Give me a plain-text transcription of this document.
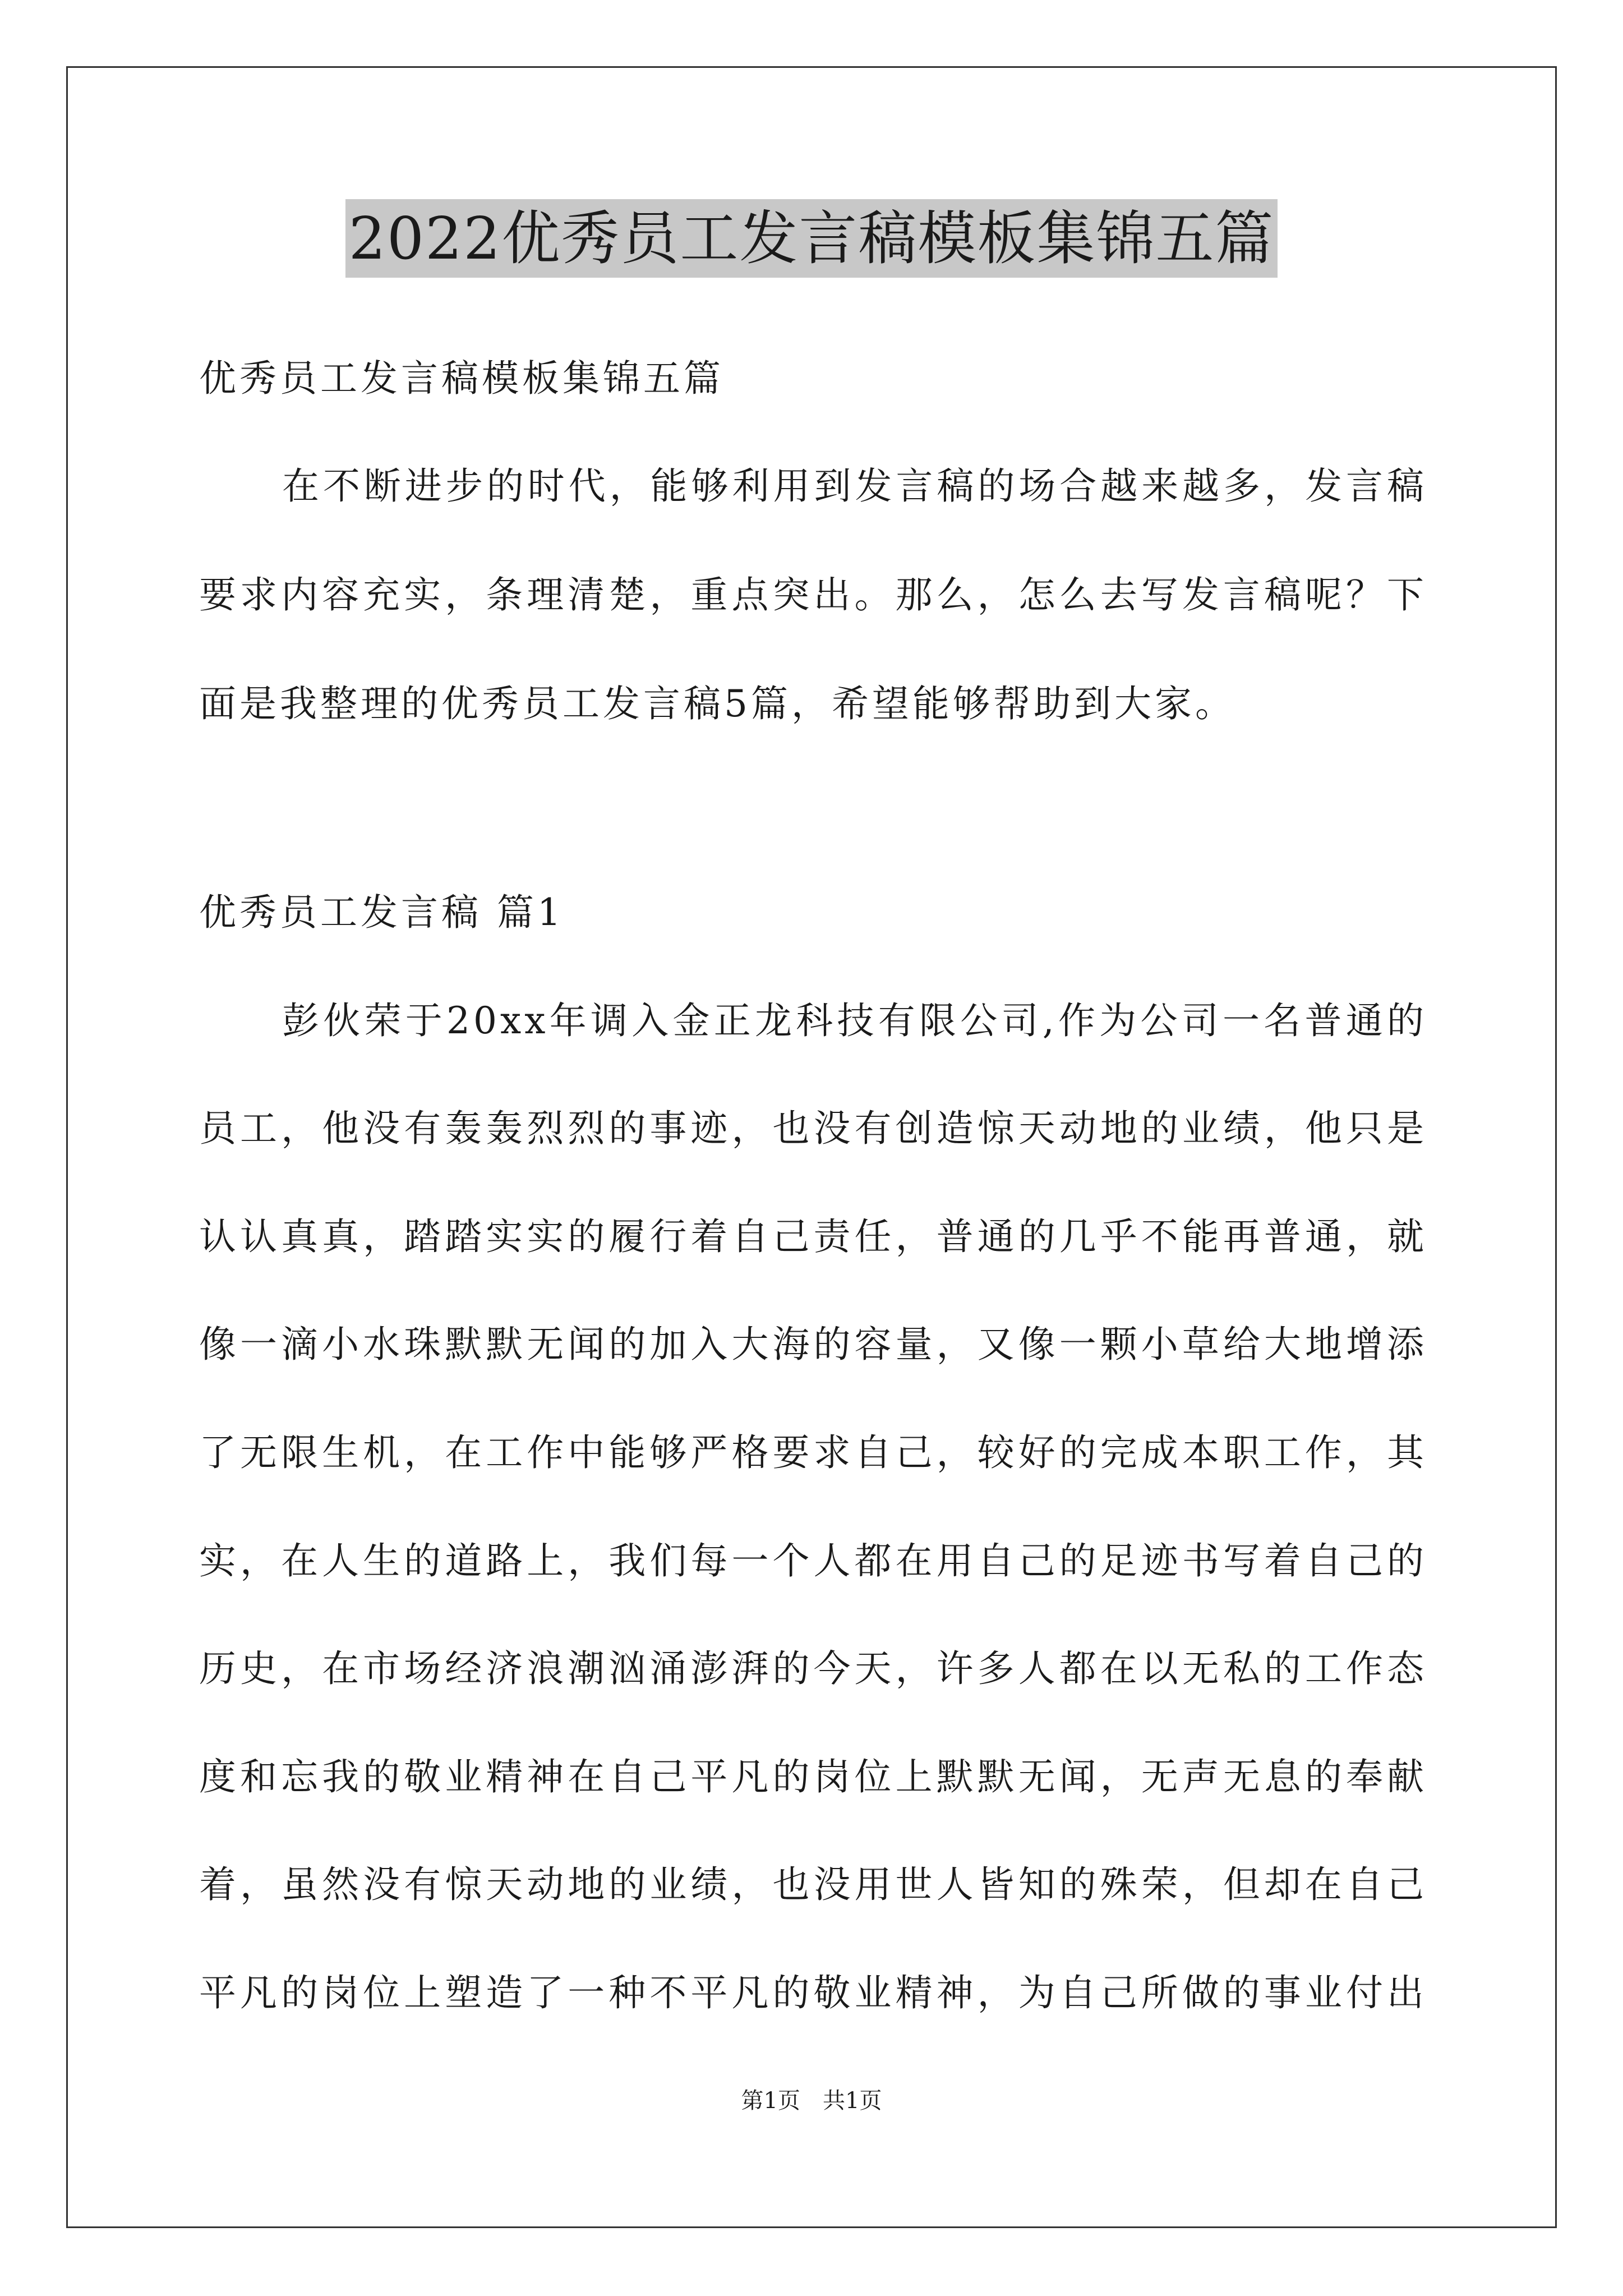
2022优秀员工发言稿模板集锦五篇
优秀员工发言稿模板集锦五篇
在不断进步的时代，能够利用到发言稿的场合越来越多，发言稿
要求内容充实，条理清楚，重点突出。那么，怎么去写发言稿呢？下
面是我整理的优秀员工发言稿5篇，希望能够帮助到大家。
优秀员工发言稿 篇1
彭伙荣于20xx年调入金正龙科技有限公司,作为公司一名普通的
员工，他没有轰轰烈烈的事迹，也没有创造惊天动地的业绩，他只是
认认真真，踏踏实实的履行着自己责任，普通的几乎不能再普通，就
像一滴小水珠默默无闻的加入大海的容量，又像一颗小草给大地增添
了无限生机，在工作中能够严格要求自己，较好的完成本职工作，其
实，在人生的道路上，我们每一个人都在用自己的足迹书写着自己的
历史，在市场经济浪潮汹涌澎湃的今天，许多人都在以无私的工作态
度和忘我的敬业精神在自己平凡的岗位上默默无闻，无声无息的奉献
着，虽然没有惊天动地的业绩，也没用世人皆知的殊荣，但却在自己
平凡的岗位上塑造了一种不平凡的敬业精神，为自己所做的事业付出
第1页　共1页
